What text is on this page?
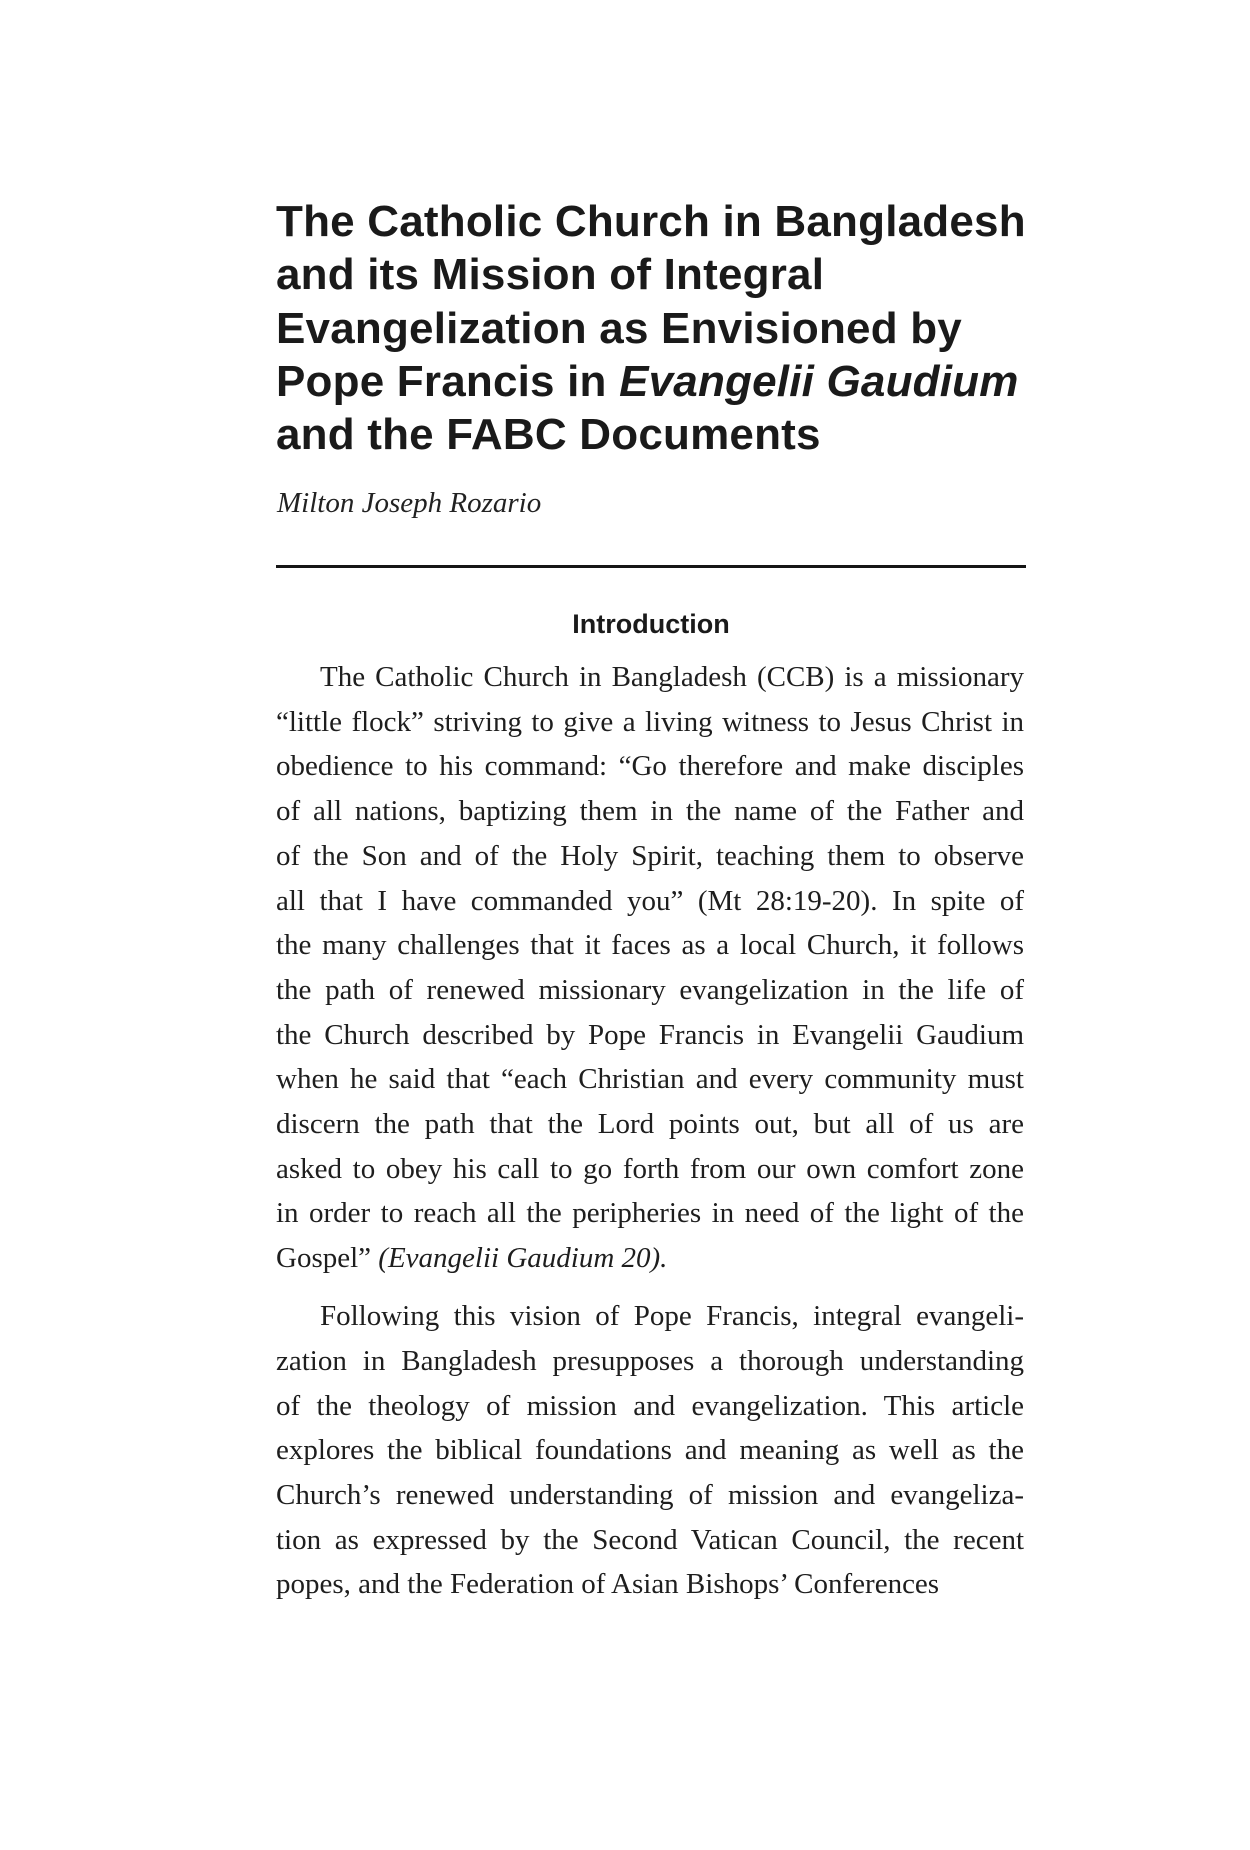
The Catholic Church in Bangladesh
and its Mission of Integral
Evangelization as Envisioned by
Pope Francis in Evangelii Gaudium
and the FABC Documents
Milton Joseph Rozario
Introduction
The Catholic Church in Bangladesh (CCB) is a missionary
“little flock” striving to give a living witness to Jesus Christ in
obedience to his command: “Go therefore and make disciples
of all nations, baptizing them in the name of the Father and
of the Son and of the Holy Spirit, teaching them to observe
all that I have commanded you” (Mt 28:19-20). In spite of
the many challenges that it faces as a local Church, it follows
the path of renewed missionary evangelization in the life of
the Church described by Pope Francis in Evangelii Gaudium
when he said that “each Christian and every community must
discern the path that the Lord points out, but all of us are
asked to obey his call to go forth from our own comfort zone
in order to reach all the peripheries in need of the light of the
Gospel” (Evangelii Gaudium 20).
Following this vision of Pope Francis, integral evangeli-
zation in Bangladesh presupposes a thorough understanding
of the theology of mission and evangelization. This article
explores the biblical foundations and meaning as well as the
Church’s renewed understanding of mission and evangeliza-
tion as expressed by the Second Vatican Council, the recent
popes, and the Federation of Asian Bishops’ Conferences
